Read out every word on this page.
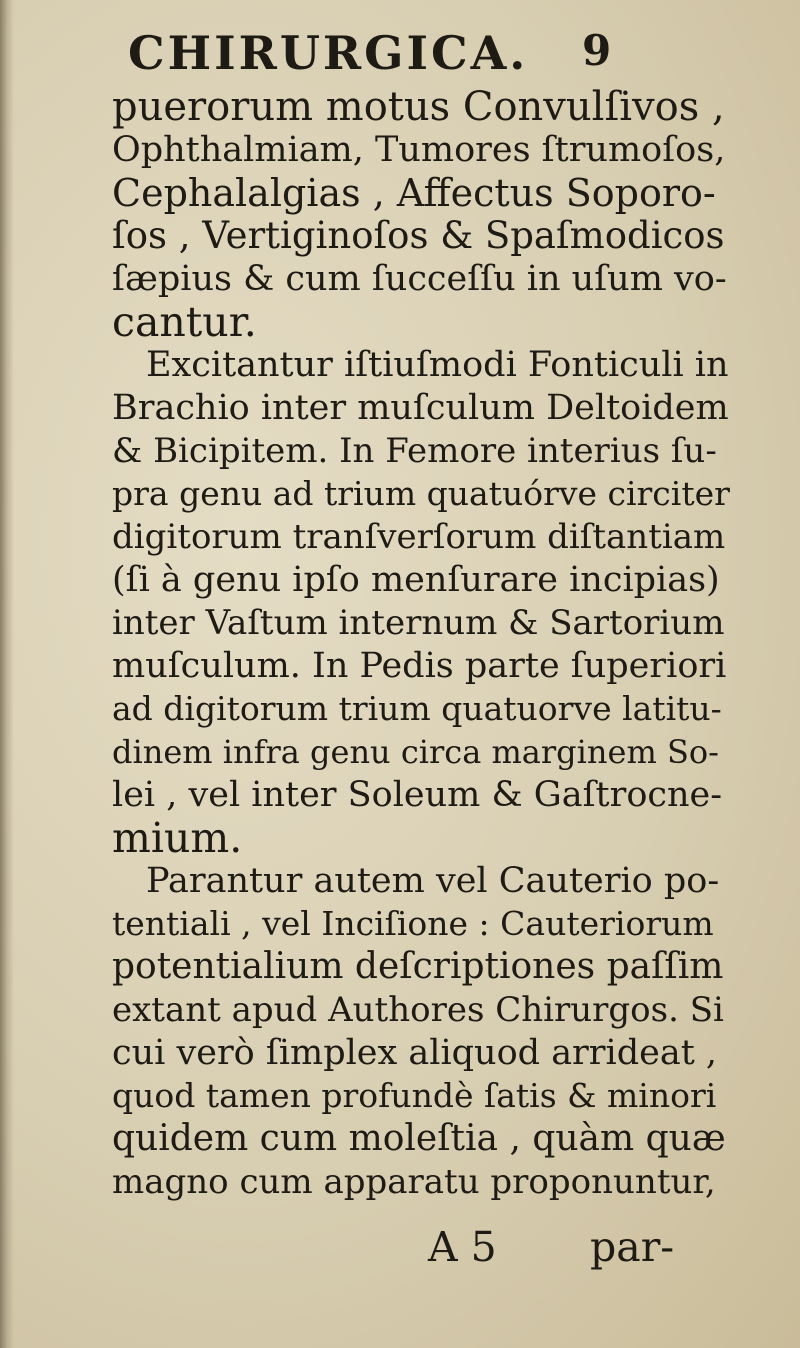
CHIRURGICA. 9
puerorum motus Convulſivos ,
Ophthalmiam, Tumores ſtrumoſos,
Cephalalgias , Affectus Soporo-
ſos , Vertiginoſos & Spaſmodicos
ſæpius & cum ſucceſſu in uſum vo-
cantur.
Excitantur iſtiuſmodi Fonticuli in
Brachio inter muſculum Deltoidem
& Bicipitem. In Femore interius ſu-
pra genu ad trium quatuórve circiter
digitorum tranſverſorum diſtantiam
(ſi à genu ipſo menſurare incipias)
inter Vaſtum internum & Sartorium
muſculum. In Pedis parte ſuperiori
ad digitorum trium quatuorve latitu-
dinem infra genu circa marginem So-
lei , vel inter Soleum & Gaſtrocne-
mium.
Parantur autem vel Cauterio po-
tentiali , vel Inciſione : Cauteriorum
potentialium deſcriptiones paſſim
extant apud Authores Chirurgos. Si
cui verò ſimplex aliquod arrideat ,
quod tamen profundè ſatis & minori
quidem cum moleſtia , quàm quæ
magno cum apparatu proponuntur,
A 5 par-
